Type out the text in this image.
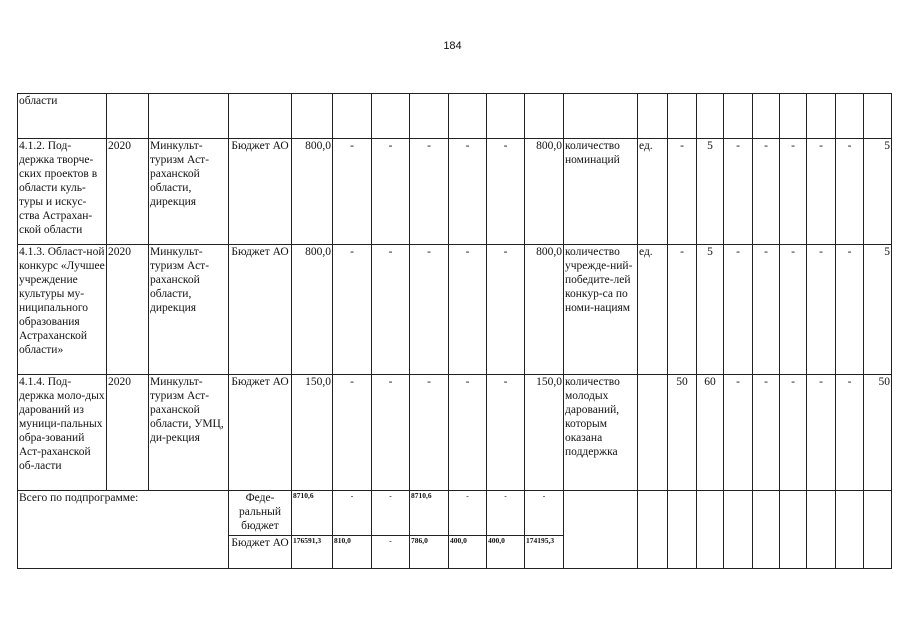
184
области																				
4.1.2. Под-держка творче-ских проектов в области куль-туры и искус-ства Астрахан-ской области	2020	Минкульт-туризм Аст-раханской области, дирекция	Бюджет АО	800,0	-	-	-	-	-	800,0	количество номинаций	ед.	-	5	-	-	-	-	-	5
4.1.3. Област-ной конкурс «Лучшее учреждение культуры му-ниципального образования Астраханской области»	2020	Минкульт-туризм Аст-раханской области, дирекция	Бюджет АО	800,0	-	-	-	-	-	800,0	количество учрежде-ний-победите-лей конкур-са по номи-нациям	ед.	-	5	-	-	-	-	-	5
4.1.4. Под-держка моло-дых дарований из муници-пальных обра-зований Аст-раханской об-ласти	2020	Минкульт-туризм Аст-раханской области, УМЦ, ди-рекция	Бюджет АО	150,0	-	-	-	-	-	150,0	количество молодых дарований, которым оказана поддержка		50	60	-	-	-	-	-	50
Всего по подпрограмме:			Феде-ральный бюджет	8710,6	-	-	8710,6	-	-	-										
			Бюджет АО	176591,3	810,0	-	786,0	400,0	400,0	174195,3										
